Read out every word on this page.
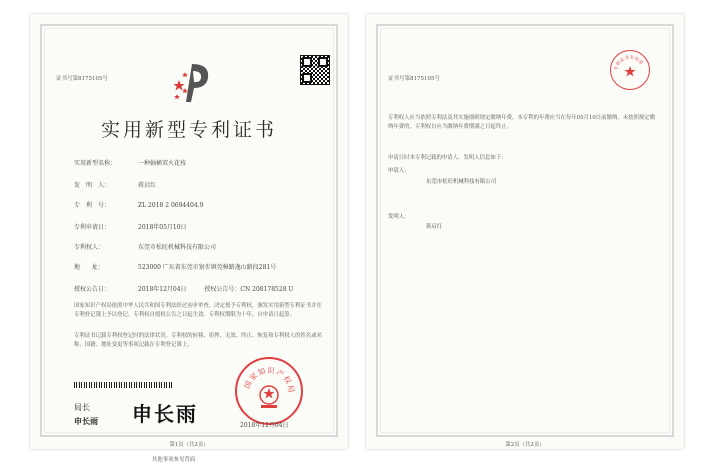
证书号第8175105号
实用新型专利证书
实用新型名称：	一种轴横双火花枝
发　明　人：	蒋启红
专　利　号：	ZL 2018 2 0694404.9
专利申请日：	2018年05月10日
专利权人：	东莞市松旺机械科技有限公司
地　　址：	523000 广东省东莞市寮步镇莞樟路逸山路段281号
授权公告日：	2018年12月04日	授权公告号：CN 208178528 U
国家知识产权局依照中华人民共和国专利法经过初步审查，决定授予专利权，颁发实用新型专利证书并在专利登记簿上予以登记。专利权自授权公告之日起生效。专利权期限为十年，自申请日起算。
专利证书记载专利权登记时的法律状况。专利权的转移、质押、无效、终止、恢复和专利权人的姓名或名称、国籍、地址变更等事项记载在专利登记簿上。
局长
申长雨 申长雨
国家知识产权局
2018年12月04日
第1页（共2页）
其他事项参见背面
证书号第8175105号
专利证书专用章
专利权人应当依照专利法及其实施细则规定缴纳年费。本专利的年费应当在每年05月10日前缴纳。未按照规定缴纳年费的，专利权自应当缴纳年费期满之日起终止。
申请日时本专利记载的申请人、发明人信息如下：
申请人：
东莞市松旺机械科技有限公司
发明人：
蒋启红
第2页（共2页）
